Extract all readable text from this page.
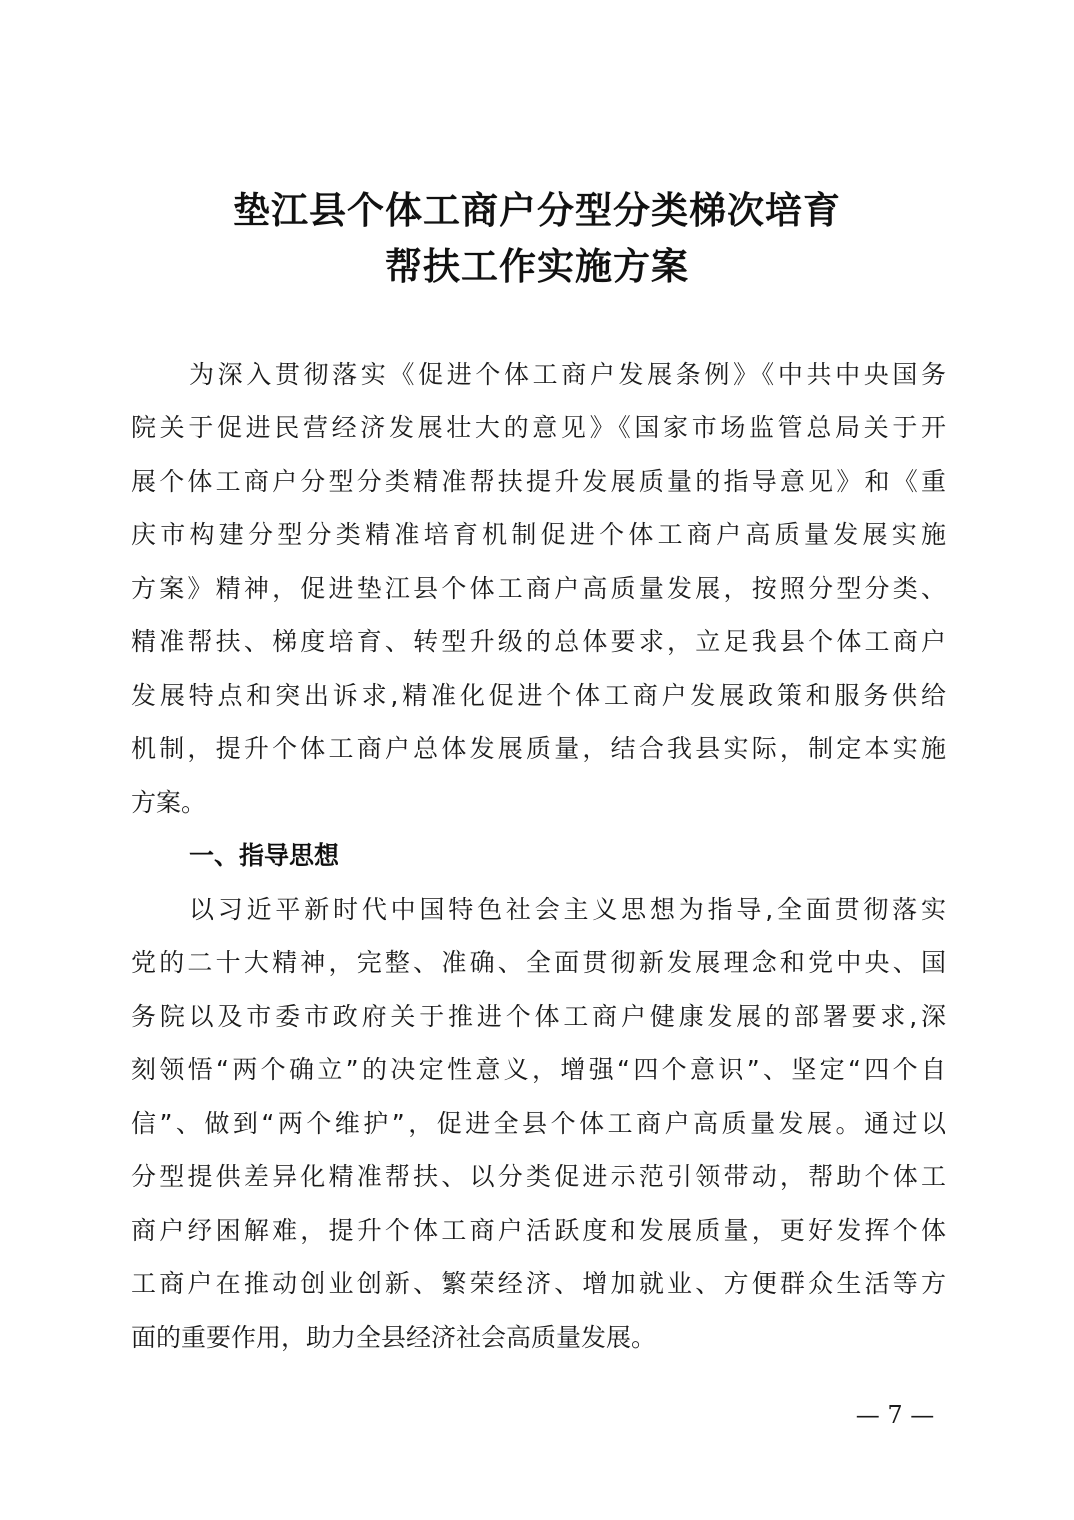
垫江县个体工商户分型分类梯次培育
帮扶工作实施方案
为深入贯彻落实《促进个体工商户发展条例》《中共中央国务
院关于促进民营经济发展壮大的意见》《国家市场监管总局关于开
展个体工商户分型分类精准帮扶提升发展质量的指导意见》和《重
庆市构建分型分类精准培育机制促进个体工商户高质量发展实施
方案》精神，促进垫江县个体工商户高质量发展，按照分型分类、
精准帮扶、梯度培育、转型升级的总体要求，立足我县个体工商户
发展特点和突出诉求,精准化促进个体工商户发展政策和服务供给
机制，提升个体工商户总体发展质量，结合我县实际，制定本实施
方案。
一、指导思想
以习近平新时代中国特色社会主义思想为指导,全面贯彻落实
党的二十大精神，完整、准确、全面贯彻新发展理念和党中央、国
务院以及市委市政府关于推进个体工商户健康发展的部署要求,深
刻领悟“两个确立”的决定性意义，增强“四个意识”、坚定“四个自
信”、做到“两个维护”，促进全县个体工商户高质量发展。通过以
分型提供差异化精准帮扶、以分类促进示范引领带动，帮助个体工
商户纾困解难，提升个体工商户活跃度和发展质量，更好发挥个体
工商户在推动创业创新、繁荣经济、增加就业、方便群众生活等方
面的重要作用，助力全县经济社会高质量发展。
— 7 —
